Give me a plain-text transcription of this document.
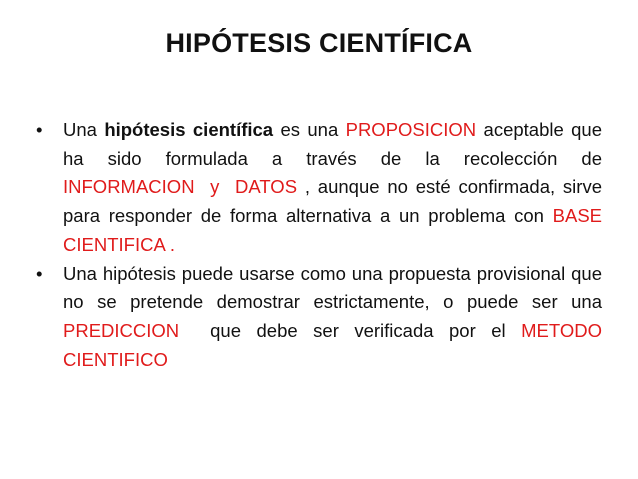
HIPÓTESIS CIENTÍFICA
•	Una hipótesis científica es una PROPOSICION aceptable que ha sido formulada a través de la recolección de INFORMACION  y  DATOS , aunque no esté confirmada, sirve para responder de forma alternativa a un problema con BASE CIENTIFICA .
•	Una hipótesis puede usarse como una propuesta provisional que no se pretende demostrar estrictamente, o puede ser una PREDICCION  que debe ser verificada por el METODO CIENTIFICO
